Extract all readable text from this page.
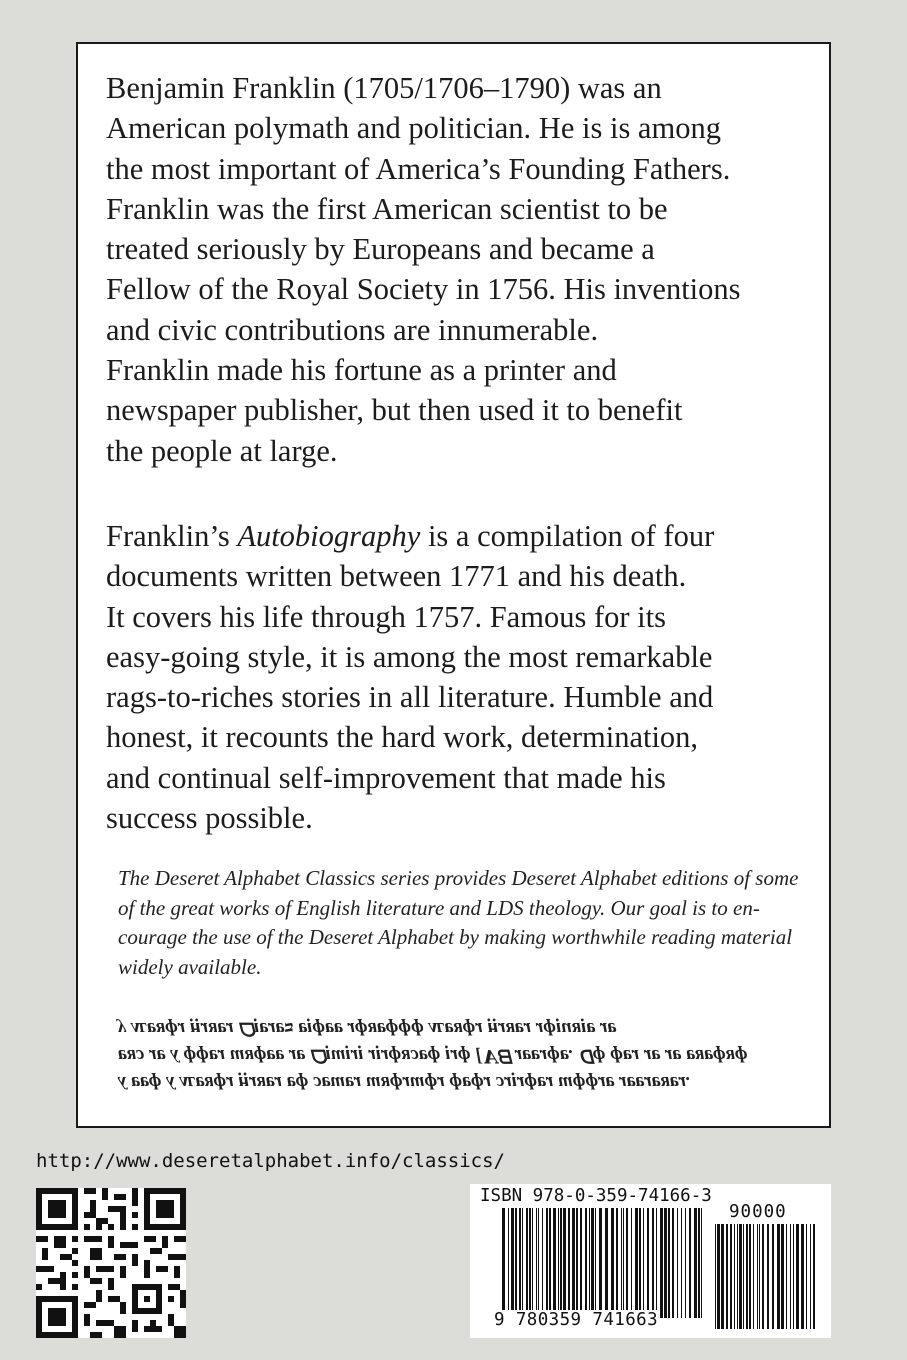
Benjamin Franklin (1705/1706–1790) was an
American polymath and politician. He is is among
the most important of America’s Founding Fathers.
Franklin was the first American scientist to be
treated seriously by Europeans and became a
Fellow of the Royal Society in 1756. His inventions
and civic contributions are innumerable.
Franklin made his fortune as a printer and
newspaper publisher, but then used it to benefit
the people at large.

Franklin’s Autobiography is a compilation of four
documents written between 1771 and his death.
It covers his life through 1757. Famous for its
easy-going style, it is among the most remarkable
rags-to-riches stories in all literature. Humble and
honest, it recounts the hard work, determination,
and continual self-improvement that made his
success possible.

The Deseret Alphabet Classics series provides Deseret Alphabet editions of some
of the great works of English literature and LDS theology. Our goal is to en-
courage the use of the Deseret Alphabet by making worthwhile reading material
widely available.

ʎ ɐɐɸ ʎ ᴧʟɐᴚɸɹ ᴉ̵ᴉɹᴚɐɹ ɐɸ ɔɐɯɐɹ ɯᴚɸɹɯɸɹ ɸɐɸɹ ɔɹᴉɹɸɐɹ ɯɸɸɹɐ ɹɐɐɹɐᴚɐɹ.
ɐᴚɔ ɹɐ ʎ ɸɸɐɹ ɯᴚɸɐɐ ɹɐ ᗝᴉɯᴉɹᴉ ɹᴉɹɸᴚɔɐɸ ᴉɹɸ [Ɐᗺ ɹɐɐɹɸɐ. ᗡɸ ɸɐɹ ɹɐ ɹɐ ɐᴚɐɸᴚɸ
y ᴧʟɐᴚɸɹ ᴉ̵ᴉɹᴚɐɹ ᗝᴉɐɹɐᴝ ɐᴉɸɐɐ ɹɸᴚɐɸɸɸ ᴧʟɐᴚɸɹ ᴉ̵ᴉɹᴚɐɹ ɹɸᴉuᴚᴉɐ ɹɐ

http://www.deseretalphabet.info/classics/
ISBN 978-0-359-74166-3
90000
9 780359 741663
